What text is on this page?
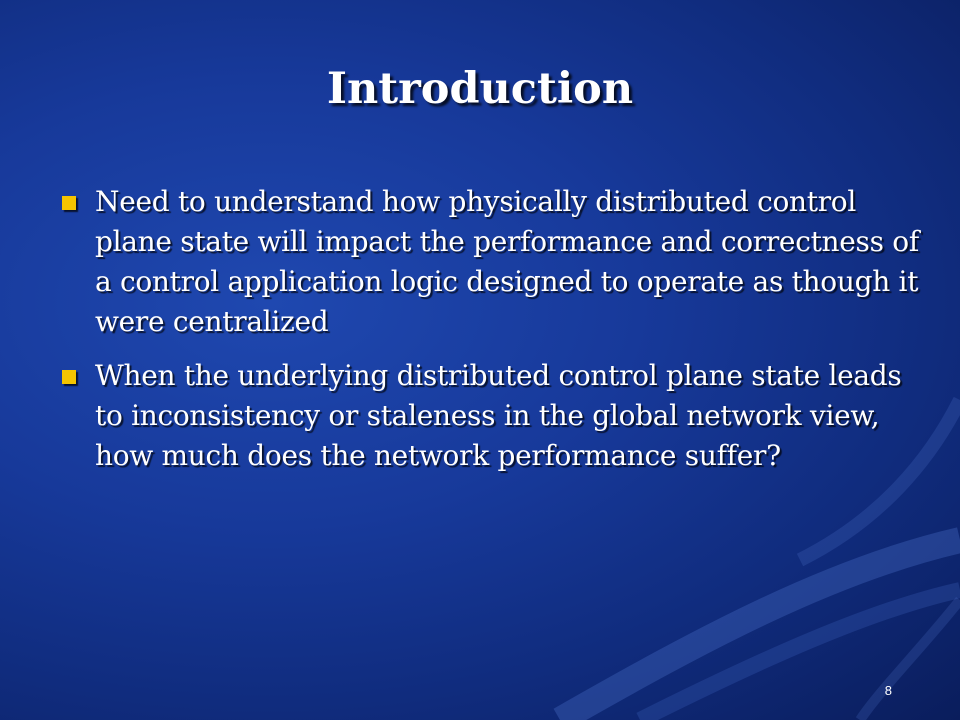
Introduction
Need to understand how physically distributed control plane state will impact the performance and correctness of a control application logic designed to operate as though it were centralized
When the underlying distributed control plane state leads to inconsistency or staleness in the global network view, how much does the network performance suffer?
8
